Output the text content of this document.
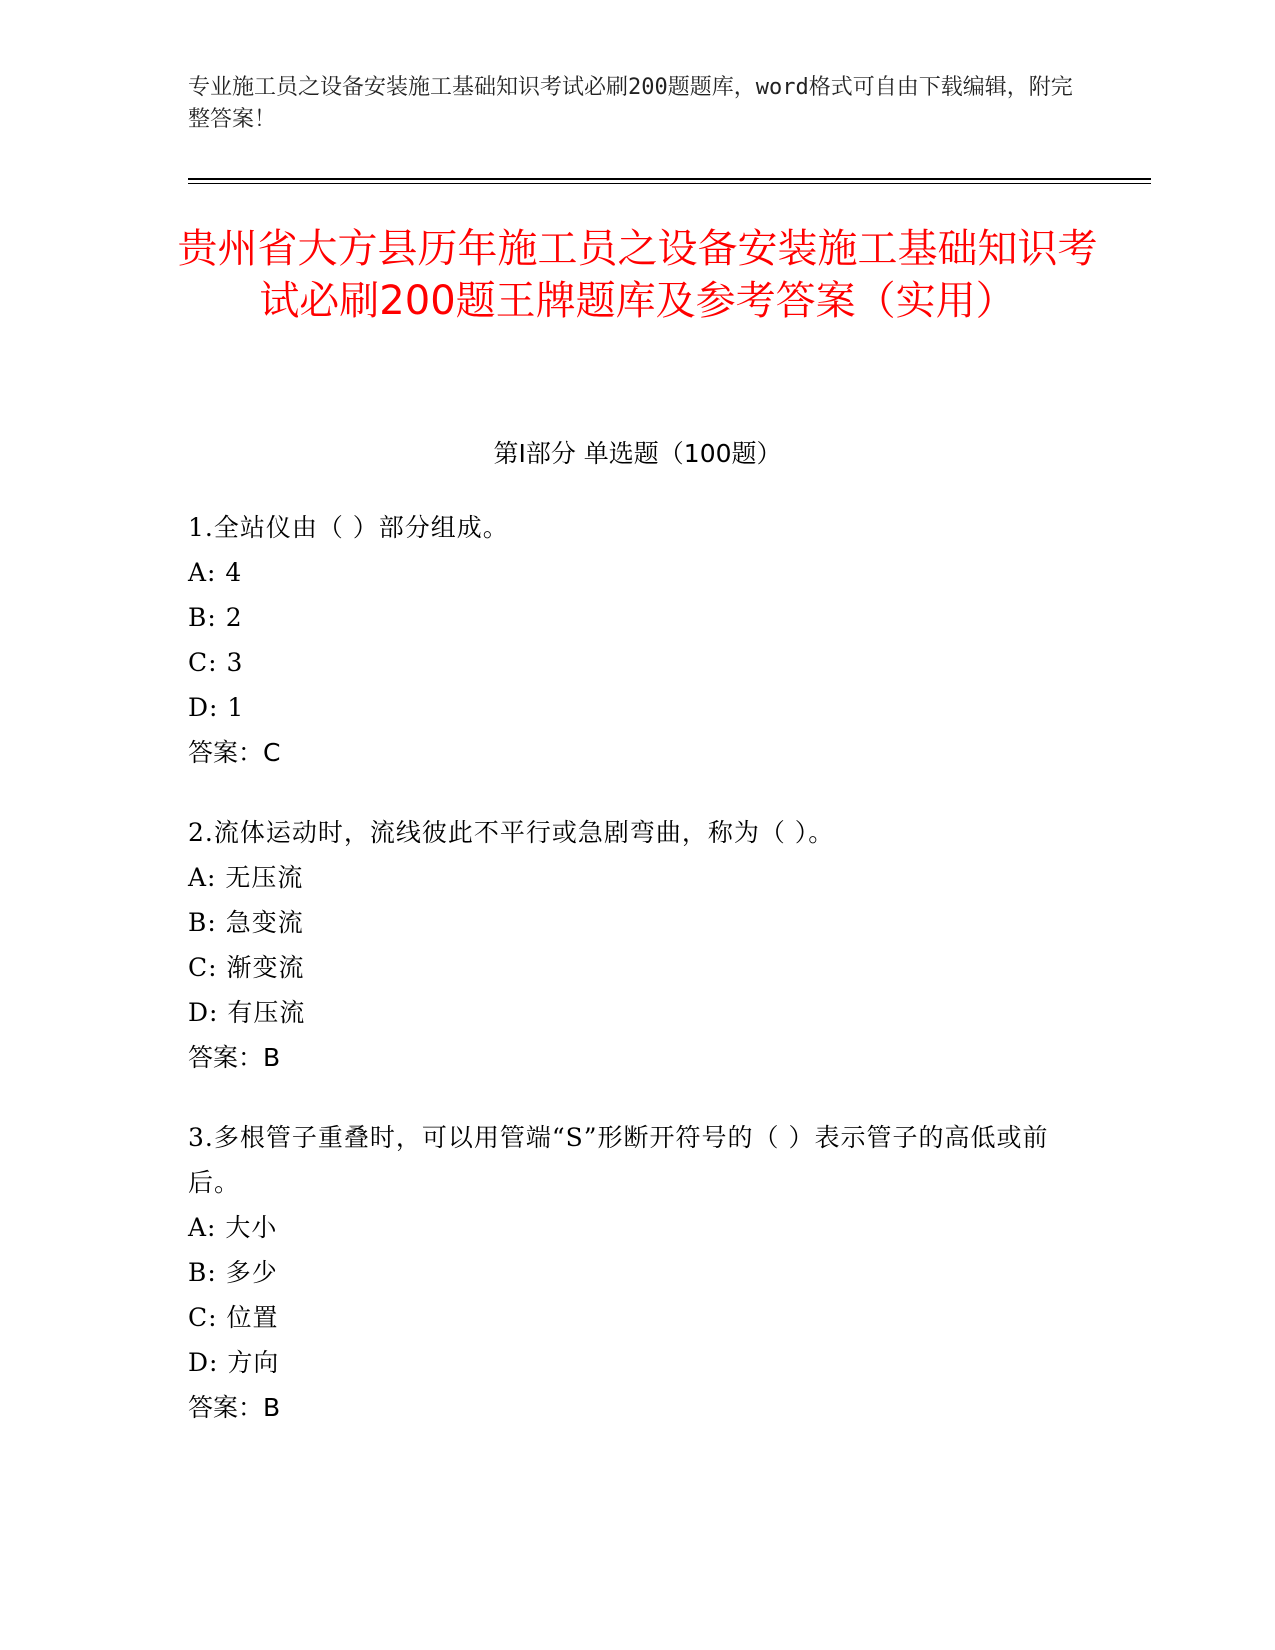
专业施工员之设备安装施工基础知识考试必刷200题题库，word格式可自由下载编辑，附完整答案！
贵州省大方县历年施工员之设备安装施工基础知识考试必刷200题王牌题库及参考答案（实用）
第Ⅰ部分 单选题（100题）

1.全站仪由（ ）部分组成。

A: 4

B: 2

C: 3

D: 1

答案：C

2.流体运动时，流线彼此不平行或急剧弯曲，称为（ ）。

A: 无压流

B: 急变流

C: 渐变流

D: 有压流

答案：B

3.多根管子重叠时，可以用管端“S”形断开符号的（ ）表示管子的高低或前后。

A: 大小

B: 多少

C: 位置

D: 方向

答案：B
